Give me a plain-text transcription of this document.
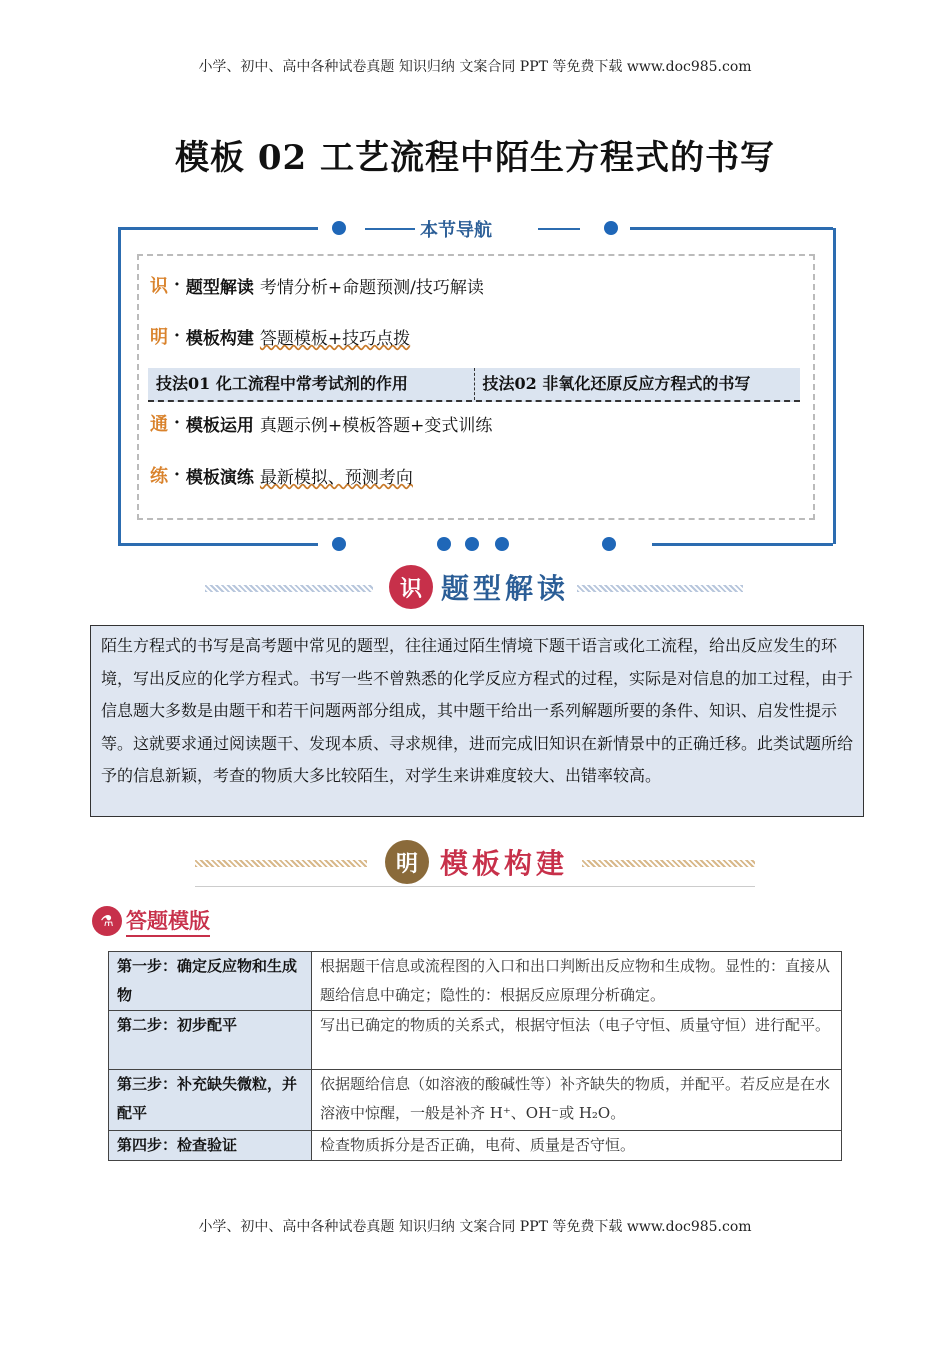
小学、初中、高中各种试卷真题 知识归纳 文案合同 PPT 等免费下载 www.doc985.com
模板 02 工艺流程中陌生方程式的书写
本节导航
识 · 题型解读 考情分析+命题预测/技巧解读
明 · 模板构建 答题模板+技巧点拨
技法01 化工流程中常考试剂的作用	技法02 非氧化还原反应方程式的书写
通 · 模板运用 真题示例+模板答题+变式训练
练 · 模板演练 最新模拟、预测考向
识 题型解读
陌生方程式的书写是高考题中常见的题型，往往通过陌生情境下题干语言或化工流程，给出反应发生的环境，写出反应的化学方程式。书写一些不曾熟悉的化学反应方程式的过程，实际是对信息的加工过程，由于信息题大多数是由题干和若干问题两部分组成，其中题干给出一系列解题所要的条件、知识、启发性提示等。这就要求通过阅读题干、发现本质、寻求规律，进而完成旧知识在新情景中的正确迁移。此类试题所给予的信息新颖，考查的物质大多比较陌生，对学生来讲难度较大、出错率较高。
明 模板构建
⚗ 答题模版
第一步：确定反应物和生成物	根据题干信息或流程图的入口和出口判断出反应物和生成物。显性的：直接从题给信息中确定；隐性的：根据反应原理分析确定。
第二步：初步配平	写出已确定的物质的关系式，根据守恒法（电子守恒、质量守恒）进行配平。
第三步：补充缺失微粒，并配平	依据题给信息（如溶液的酸碱性等）补齐缺失的物质，并配平。若反应是在水溶液中惊醒，一般是补齐 H⁺、OH⁻或 H₂O。
第四步：检查验证	检查物质拆分是否正确，电荷、质量是否守恒。
小学、初中、高中各种试卷真题 知识归纳 文案合同 PPT 等免费下载 www.doc985.com
